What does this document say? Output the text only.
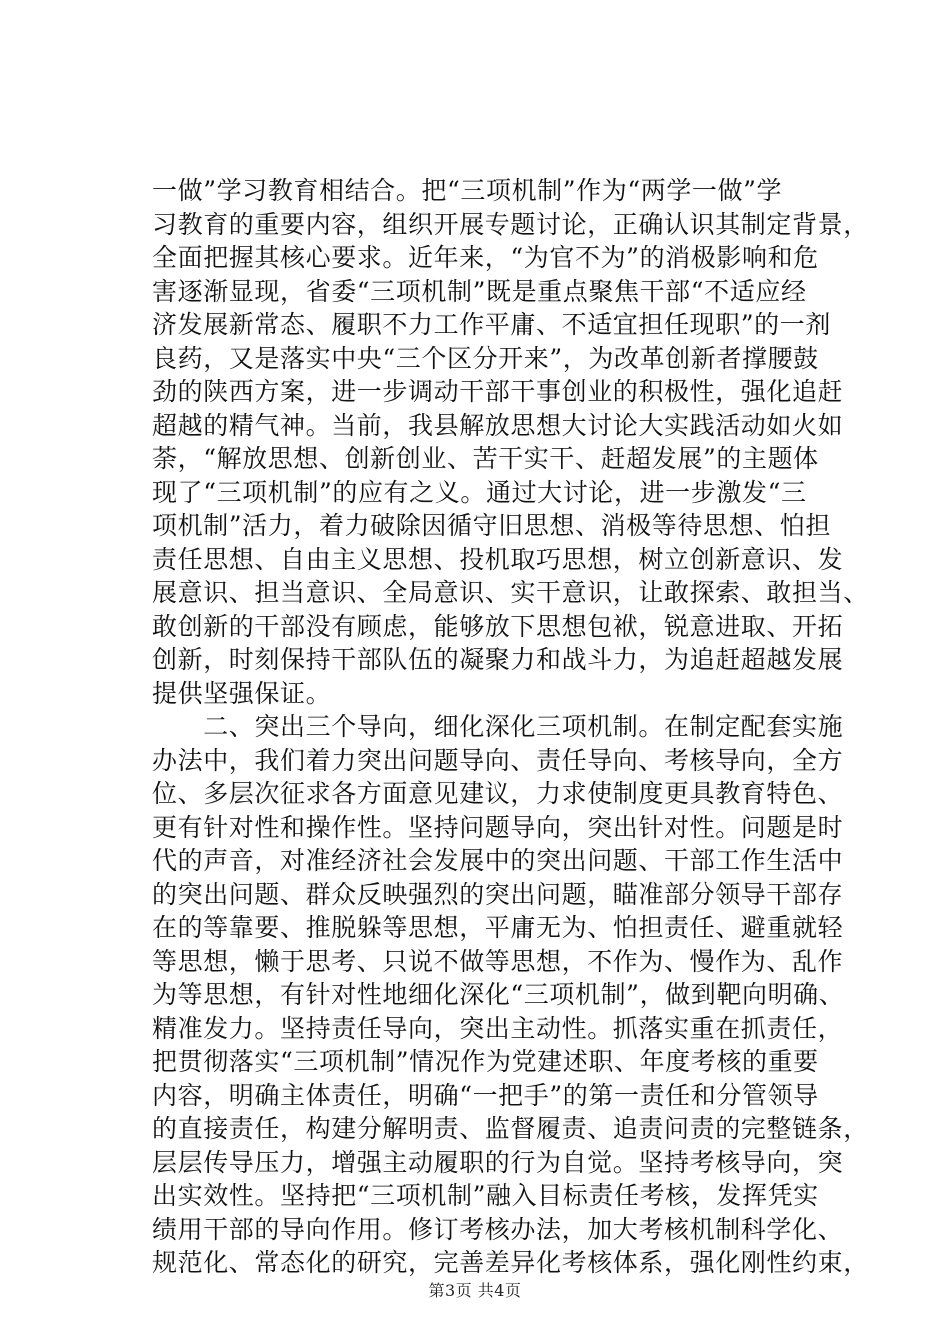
一做”学习教育相结合。把“三项机制”作为“两学一做”学
习教育的重要内容，组织开展专题讨论，正确认识其制定背景，
全面把握其核心要求。近年来，“为官不为”的消极影响和危
害逐渐显现，省委“三项机制”既是重点聚焦干部“不适应经
济发展新常态、履职不力工作平庸、不适宜担任现职”的一剂
良药，又是落实中央“三个区分开来”，为改革创新者撑腰鼓
劲的陕西方案，进一步调动干部干事创业的积极性，强化追赶
超越的精气神。当前，我县解放思想大讨论大实践活动如火如
荼，“解放思想、创新创业、苦干实干、赶超发展”的主题体
现了“三项机制”的应有之义。通过大讨论，进一步激发“三
项机制”活力，着力破除因循守旧思想、消极等待思想、怕担
责任思想、自由主义思想、投机取巧思想，树立创新意识、发
展意识、担当意识、全局意识、实干意识，让敢探索、敢担当、
敢创新的干部没有顾虑，能够放下思想包袱，锐意进取、开拓
创新，时刻保持干部队伍的凝聚力和战斗力，为追赶超越发展
提供坚强保证。
　　二、突出三个导向，细化深化三项机制。在制定配套实施
办法中，我们着力突出问题导向、责任导向、考核导向，全方
位、多层次征求各方面意见建议，力求使制度更具教育特色、
更有针对性和操作性。坚持问题导向，突出针对性。问题是时
代的声音，对准经济社会发展中的突出问题、干部工作生活中
的突出问题、群众反映强烈的突出问题，瞄准部分领导干部存
在的等靠要、推脱躲等思想，平庸无为、怕担责任、避重就轻
等思想，懒于思考、只说不做等思想，不作为、慢作为、乱作
为等思想，有针对性地细化深化“三项机制”，做到靶向明确、
精准发力。坚持责任导向，突出主动性。抓落实重在抓责任，
把贯彻落实“三项机制”情况作为党建述职、年度考核的重要
内容，明确主体责任，明确“一把手”的第一责任和分管领导
的直接责任，构建分解明责、监督履责、追责问责的完整链条，
层层传导压力，增强主动履职的行为自觉。坚持考核导向，突
出实效性。坚持把“三项机制”融入目标责任考核，发挥凭实
绩用干部的导向作用。修订考核办法，加大考核机制科学化、
规范化、常态化的研究，完善差异化考核体系，强化刚性约束，
第3页 共4页
